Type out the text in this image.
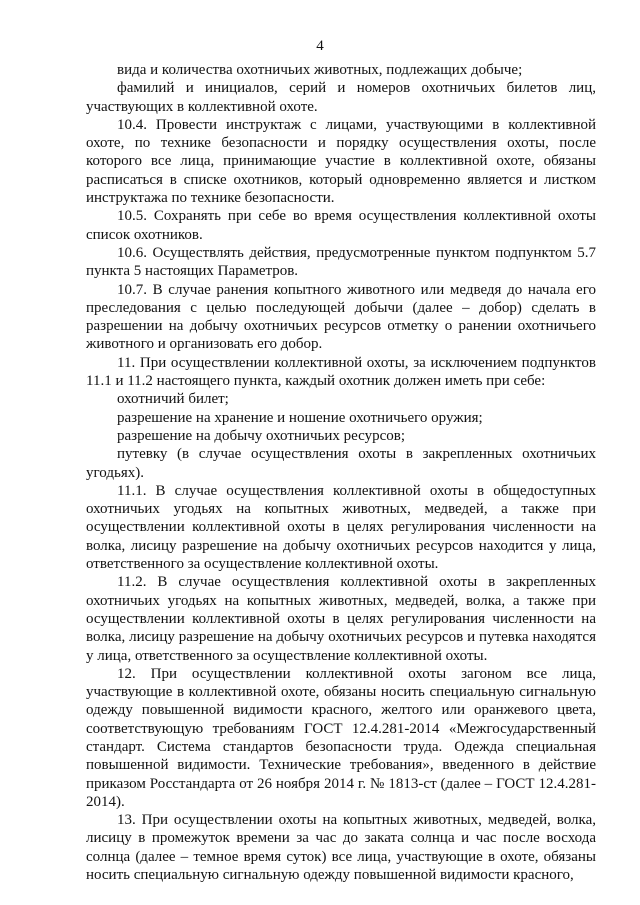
4

вида и количества охотничьих животных, подлежащих добыче;

фамилий и инициалов, серий и номеров охотничьих билетов лиц, участвующих в коллективной охоте.

10.4. Провести инструктаж с лицами, участвующими в коллективной охоте, по технике безопасности и порядку осуществления охоты, после которого все лица, принимающие участие в коллективной охоте, обязаны расписаться в списке охотников, который одновременно является и листком инструктажа по технике безопасности.

10.5. Сохранять при себе во время осуществления коллективной охоты список охотников.

10.6. Осуществлять действия, предусмотренные пунктом подпунктом 5.7 пункта 5 настоящих Параметров.

10.7. В случае ранения копытного животного или медведя до начала его преследования с целью последующей добычи (далее – добор) сделать в разрешении на добычу охотничьих ресурсов отметку о ранении охотничьего животного и организовать его добор.

11. При осуществлении коллективной охоты, за исключением подпунктов 11.1 и 11.2 настоящего пункта, каждый охотник должен иметь при себе:

охотничий билет;

разрешение на хранение и ношение охотничьего оружия;

разрешение на добычу охотничьих ресурсов;

путевку (в случае осуществления охоты в закрепленных охотничьих угодьях).

11.1. В случае осуществления коллективной охоты в общедоступных охотничьих угодьях на копытных животных, медведей, а также при осуществлении коллективной охоты в целях регулирования численности на волка, лисицу разрешение на добычу охотничьих ресурсов находится у лица, ответственного за осуществление коллективной охоты.

11.2. В случае осуществления коллективной охоты в закрепленных охотничьих угодьях на копытных животных, медведей, волка, а также при осуществлении коллективной охоты в целях регулирования численности на волка, лисицу разрешение на добычу охотничьих ресурсов и путевка находятся у лица, ответственного за осуществление коллективной охоты.

12. При осуществлении коллективной охоты загоном все лица, участвующие в коллективной охоте, обязаны носить специальную сигнальную одежду повышенной видимости красного, желтого или оранжевого цвета, соответствующую требованиям ГОСТ 12.4.281-2014 «Межгосударственный стандарт. Система стандартов безопасности труда. Одежда специальная повышенной видимости. Технические требования», введенного в действие приказом Росстандарта от 26 ноября 2014 г. № 1813-ст (далее – ГОСТ 12.4.281-2014).

13. При осуществлении охоты на копытных животных, медведей, волка, лисицу в промежуток времени за час до заката солнца и час после восхода солнца (далее – темное время суток) все лица, участвующие в охоте, обязаны носить специальную сигнальную одежду повышенной видимости красного,
